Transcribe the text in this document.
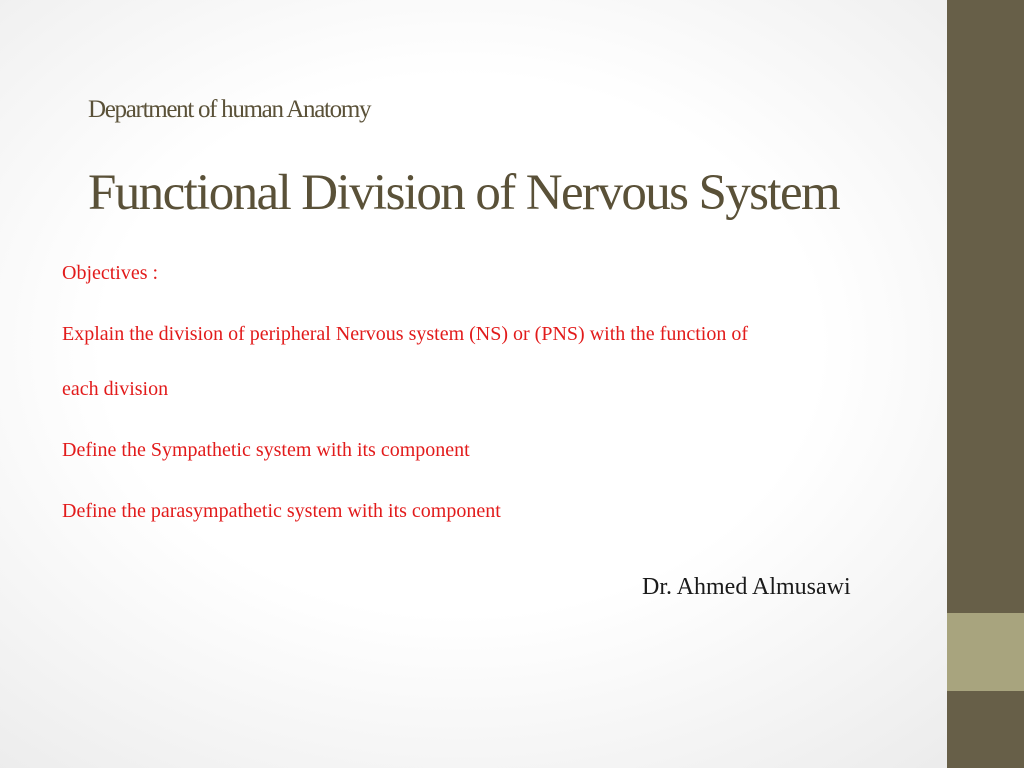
Department of human Anatomy
Functional Division of Nervous System
Objectives :
Explain the division of peripheral Nervous system (NS) or (PNS) with the function of
each division
Define the Sympathetic system with its component
Define the parasympathetic system with its component
Dr. Ahmed Almusawi
